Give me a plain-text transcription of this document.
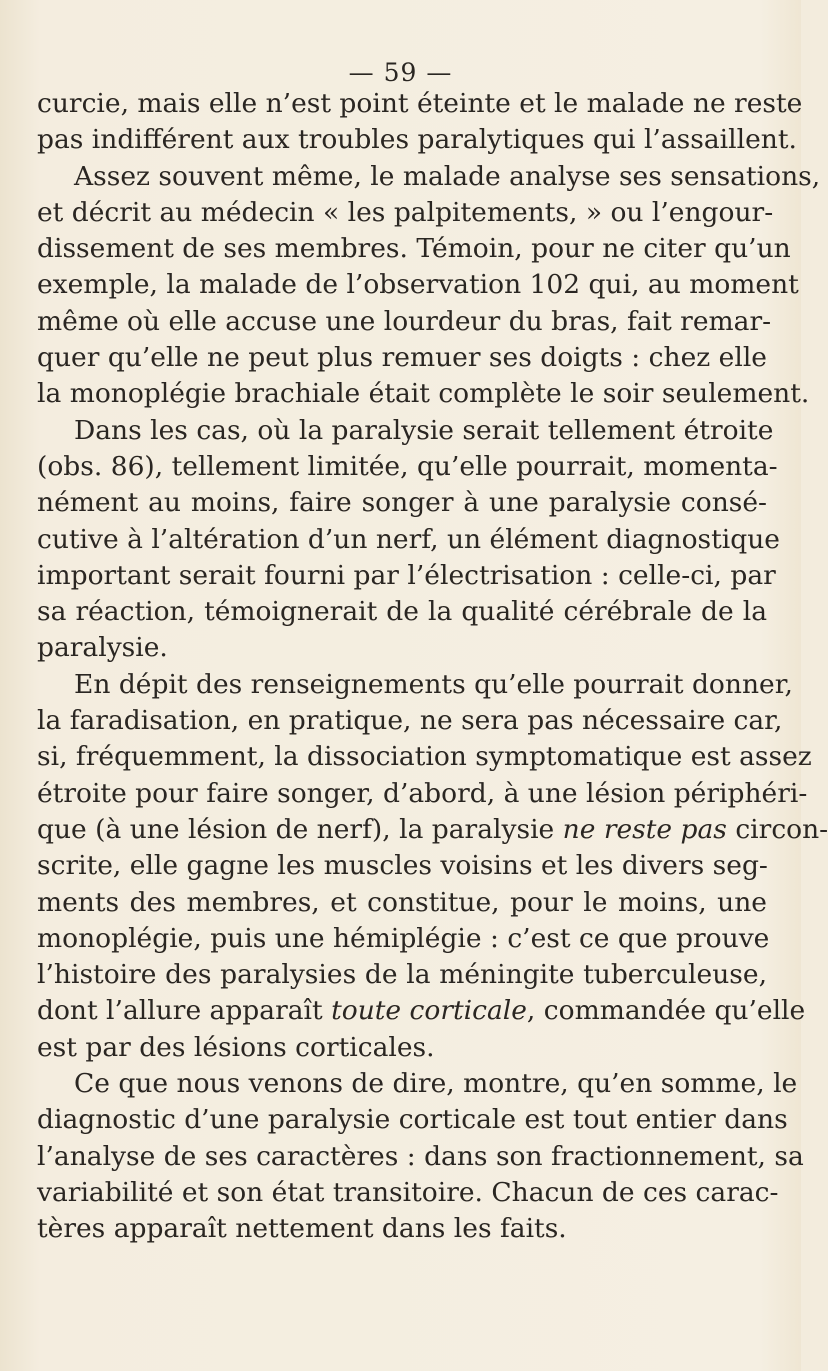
— 59 —
curcie, mais elle n’est point éteinte et le malade ne reste
pas indifférent aux troubles paralytiques qui l’assaillent.
Assez souvent même, le malade analyse ses sensations,
et décrit au médecin « les palpitements, » ou l’engour-
dissement de ses membres. Témoin, pour ne citer qu’un
exemple, la malade de l’observation 102 qui, au moment
même où elle accuse une lourdeur du bras, fait remar-
quer qu’elle ne peut plus remuer ses doigts : chez elle
la monoplégie brachiale était complète le soir seulement.
Dans les cas, où la paralysie serait tellement étroite
(obs. 86), tellement limitée, qu’elle pourrait, momenta-
nément au moins, faire songer à une paralysie consé-
cutive à l’altération d’un nerf, un élément diagnostique
important serait fourni par l’électrisation : celle-ci, par
sa réaction, témoignerait de la qualité cérébrale de la
paralysie.
En dépit des renseignements qu’elle pourrait donner,
la faradisation, en pratique, ne sera pas nécessaire car,
si, fréquemment, la dissociation symptomatique est assez
étroite pour faire songer, d’abord, à une lésion périphéri-
que (à une lésion de nerf), la paralysie ne reste pas circon-
scrite, elle gagne les muscles voisins et les divers seg-
ments des membres, et constitue, pour le moins, une
monoplégie, puis une hémiplégie : c’est ce que prouve
l’histoire des paralysies de la méningite tuberculeuse,
dont l’allure apparaît toute corticale, commandée qu’elle
est par des lésions corticales.
Ce que nous venons de dire, montre, qu’en somme, le
diagnostic d’une paralysie corticale est tout entier dans
l’analyse de ses caractères : dans son fractionnement, sa
variabilité et son état transitoire. Chacun de ces carac-
tères apparaît nettement dans les faits.
